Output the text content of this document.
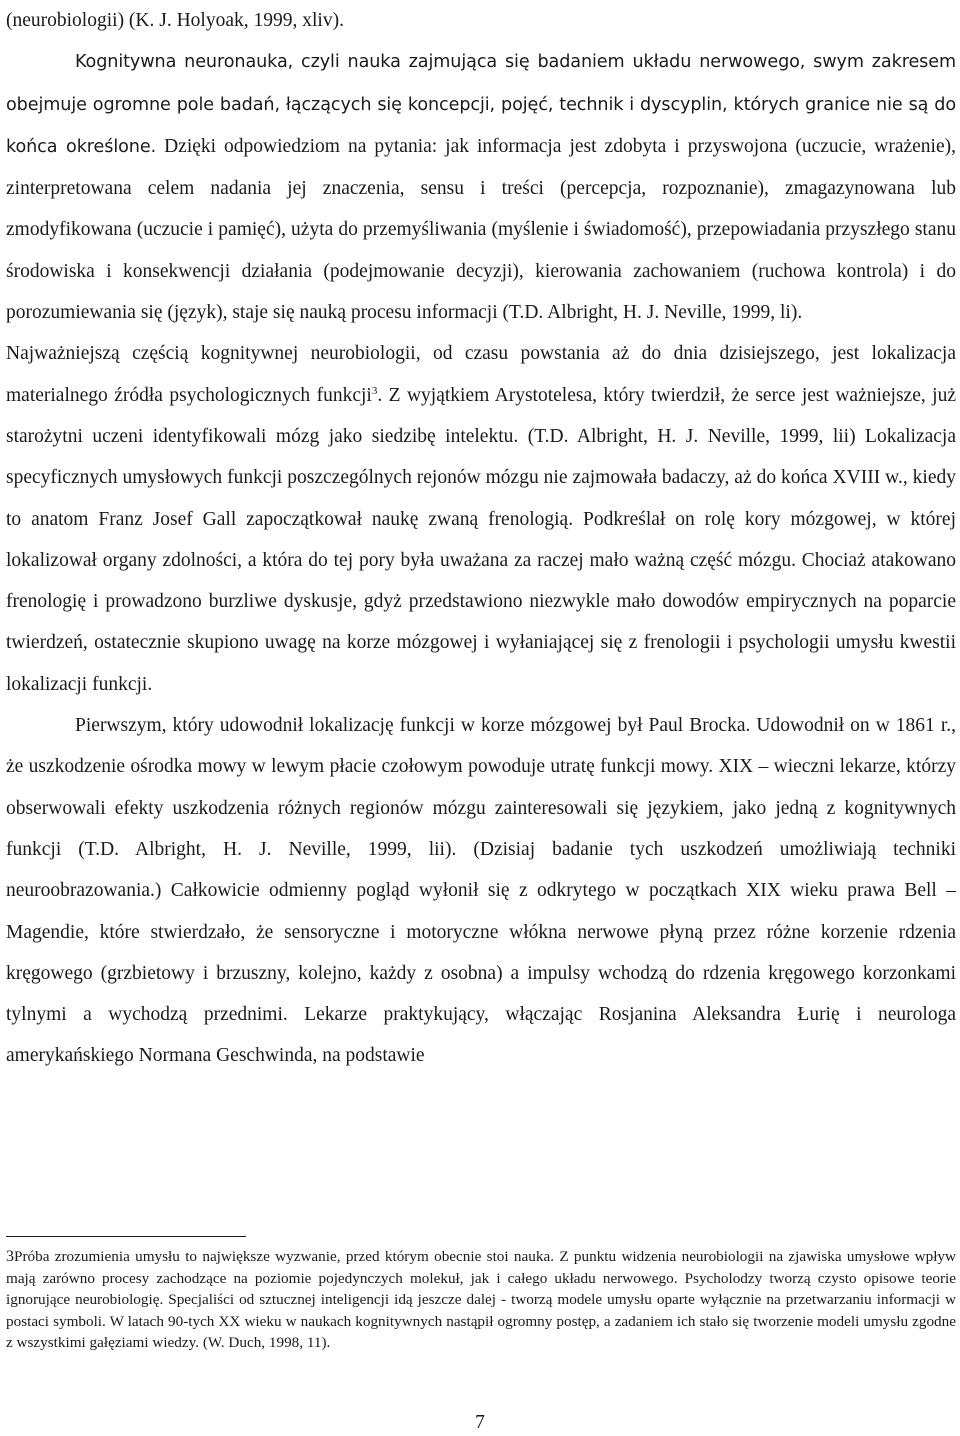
(neurobiologii) (K. J. Holyoak, 1999, xliv).

Kognitywna neuronauka, czyli nauka zajmująca się badaniem układu nerwowego, swym zakresem obejmuje ogromne pole badań, łączących się koncepcji, pojęć, technik i dyscyplin, których granice nie są do końca określone. Dzięki odpowiedziom na pytania: jak informacja jest zdobyta i przyswojona (uczucie, wrażenie), zinterpretowana celem nadania jej znaczenia, sensu i treści (percepcja, rozpoznanie), zmagazynowana lub zmodyfikowana (uczucie i pamięć), użyta do przemyśliwania (myślenie i świadomość), przepowiadania przyszłego stanu środowiska i konsekwencji działania (podejmowanie decyzji), kierowania zachowaniem (ruchowa kontrola) i do porozumiewania się (język), staje się nauką procesu informacji (T.D. Albright, H. J. Neville, 1999, li).

Najważniejszą częścią kognitywnej neurobiologii, od czasu powstania aż do dnia dzisiejszego, jest lokalizacja materialnego źródła psychologicznych funkcji$^3$. Z wyjątkiem Arystotelesa, który twierdził, że serce jest ważniejsze, już starożytni uczeni identyfikowali mózg jako siedzibę intelektu. (T.D. Albright, H. J. Neville, 1999, lii) Lokalizacja specyficznych umysłowych funkcji poszczególnych rejonów mózgu nie zajmowała badaczy, aż do końca XVIII w., kiedy to anatom Franz Josef Gall zapoczątkował naukę zwaną frenologią. Podkreślał on rolę kory mózgowej, w której lokalizował organy zdolności, a która do tej pory była uważana za raczej mało ważną część mózgu. Chociaż atakowano frenologię i prowadzono burzliwe dyskusje, gdyż przedstawiono niezwykle mało dowodów empirycznych na poparcie twierdzeń, ostatecznie skupiono uwagę na korze mózgowej i wyłaniającej się z frenologii i psychologii umysłu kwestii lokalizacji funkcji.

Pierwszym, który udowodnił lokalizację funkcji w korze mózgowej był Paul Brocka. Udowodnił on w 1861 r., że uszkodzenie ośrodka mowy w lewym płacie czołowym powoduje utratę funkcji mowy. XIX – wieczni lekarze, którzy obserwowali efekty uszkodzenia różnych regionów mózgu zainteresowali się językiem, jako jedną z kognitywnych funkcji (T.D. Albright, H. J. Neville, 1999, lii). (Dzisiaj badanie tych uszkodzeń umożliwiają techniki neuroobrazowania.) Całkowicie odmienny pogląd wyłonił się z odkrytego w początkach XIX wieku prawa Bell – Magendie, które stwierdzało, że sensoryczne i motoryczne włókna nerwowe płyną przez różne korzenie rdzenia kręgowego (grzbietowy i brzuszny, kolejno, każdy z osobna) a impulsy wchodzą do rdzenia kręgowego korzonkami tylnymi a wychodzą przednimi. Lekarze praktykujący, włączając Rosjanina Aleksandra Łurię i neurologa amerykańskiego Normana Geschwinda, na podstawie

3Próba zrozumienia umysłu to największe wyzwanie, przed którym obecnie stoi nauka. Z punktu widzenia neurobiologii na zjawiska umysłowe wpływ mają zarówno procesy zachodzące na poziomie pojedynczych molekuł, jak i całego układu nerwowego. Psycholodzy tworzą czysto opisowe teorie ignorujące neurobiologię. Specjaliści od sztucznej inteligencji idą jeszcze dalej - tworzą modele umysłu oparte wyłącznie na przetwarzaniu informacji w postaci symboli. W latach 90-tych XX wieku w naukach kognitywnych nastąpił ogromny postęp, a zadaniem ich stało się tworzenie modeli umysłu zgodne z wszystkimi gałęziami wiedzy. (W. Duch, 1998, 11).

7
